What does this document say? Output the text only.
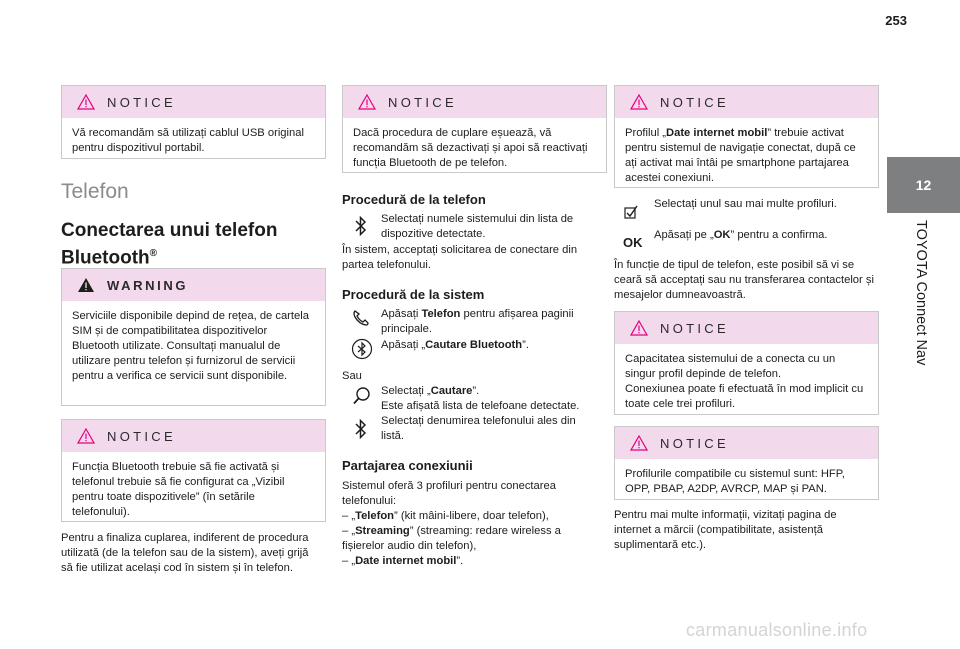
253
12
TOYOTA Connect Nav
NOTICE
Vă recomandăm să utilizați cablul USB original pentru dispozitivul portabil.
Telefon
Conectarea unui telefon
Bluetooth®
WARNING
Serviciile disponibile depind de rețea, de cartela SIM și de compatibilitatea dispozitivelor Bluetooth utilizate. Consultați manualul de utilizare pentru telefon și furnizorul de servicii pentru a verifica ce servicii sunt disponibile.
NOTICE
Funcția Bluetooth trebuie să fie activată și telefonul trebuie să fie configurat ca „Vizibil pentru toate dispozitivele” (în setările telefonului).
Pentru a finaliza cuplarea, indiferent de procedura utilizată (de la telefon sau de la sistem), aveți grijă să fie utilizat același cod în sistem și în telefon.
NOTICE
Dacă procedura de cuplare eșuează, vă recomandăm să dezactivați și apoi să reactivați funcția Bluetooth de pe telefon.
Procedură de la telefon
Selectați numele sistemului din lista de dispozitive detectate.
În sistem, acceptați solicitarea de conectare din partea telefonului.
Procedură de la sistem
Apăsați Telefon pentru afișarea paginii principale.
Apăsați „Cautare Bluetooth”.
Sau
Selectați „Cautare”.
Este afișată lista de telefoane detectate.
Selectați denumirea telefonului ales din listă.
Partajarea conexiunii
Sistemul oferă 3 profiluri pentru conectarea telefonului:
– „Telefon” (kit mâini-libere, doar telefon),
– „Streaming” (streaming: redare wireless a fișierelor audio din telefon),
– „Date internet mobil”.
NOTICE
Profilul „Date internet mobil” trebuie activat pentru sistemul de navigație conectat, după ce ați activat mai întâi pe smartphone partajarea acestei conexiuni.
Selectați unul sau mai multe profiluri.
OK Apăsați pe „OK” pentru a confirma.
În funcție de tipul de telefon, este posibil să vi se ceară să acceptați sau nu transferarea contactelor și mesajelor dumneavoastră.
NOTICE
Capacitatea sistemului de a conecta cu un singur profil depinde de telefon.
Conexiunea poate fi efectuată în mod implicit cu toate cele trei profiluri.
NOTICE
Profilurile compatibile cu sistemul sunt: HFP, OPP, PBAP, A2DP, AVRCP, MAP și PAN.
Pentru mai multe informații, vizitați pagina de internet a mărcii (compatibilitate, asistență suplimentară etc.).
carmanualsonline.info
